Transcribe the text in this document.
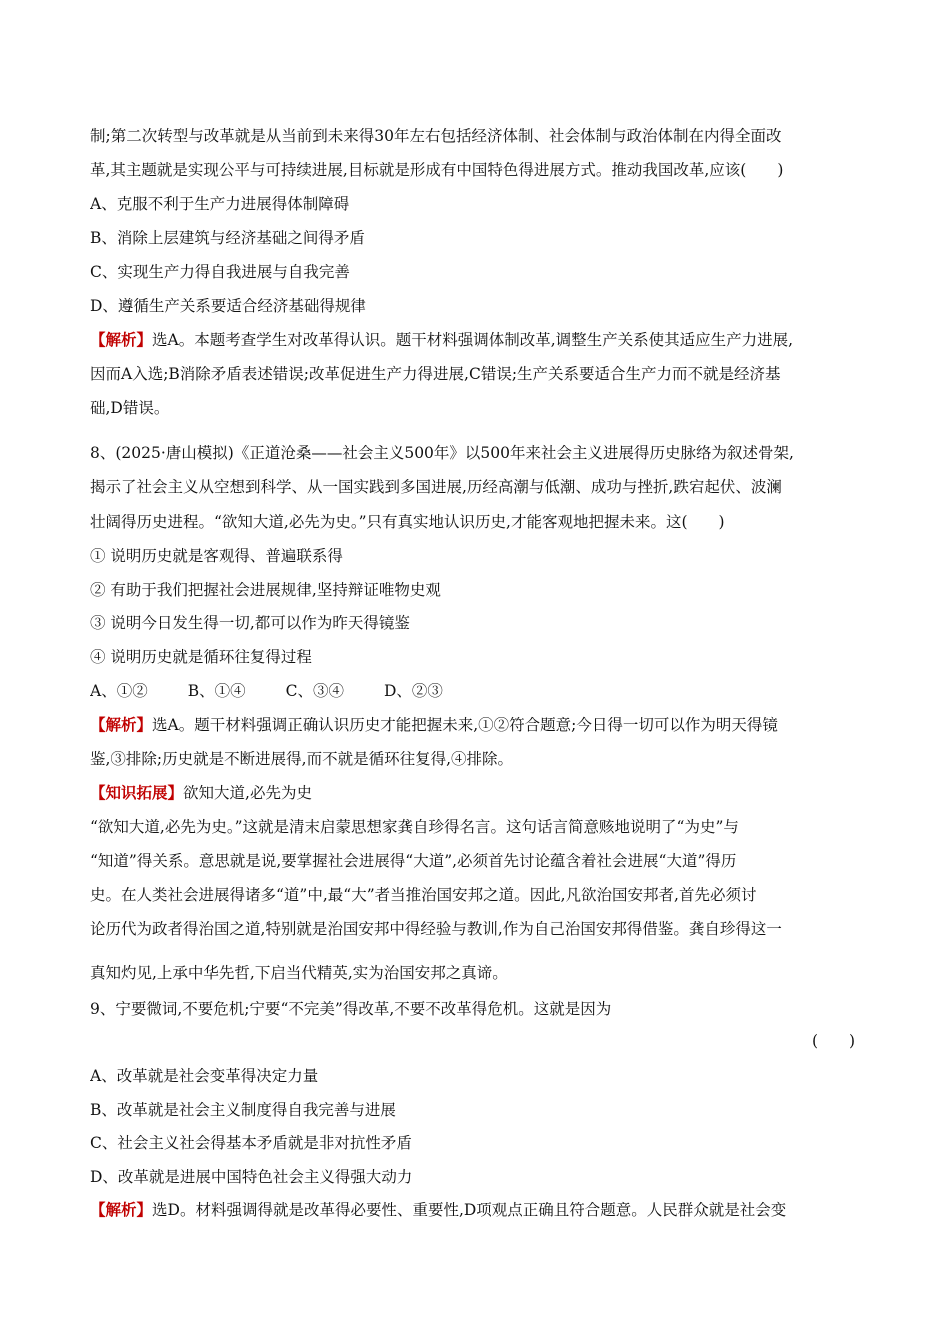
制;第二次转型与改革就是从当前到未来得30年左右包括经济体制、社会体制与政治体制在内得全面改
革,其主题就是实现公平与可持续进展,目标就是形成有中国特色得进展方式。推动我国改革,应该(　　)
A、克服不利于生产力进展得体制障碍
B、消除上层建筑与经济基础之间得矛盾
C、实现生产力得自我进展与自我完善
D、遵循生产关系要适合经济基础得规律
【解析】选A。本题考查学生对改革得认识。题干材料强调体制改革,调整生产关系使其适应生产力进展,
因而A入选;B消除矛盾表述错误;改革促进生产力得进展,C错误;生产关系要适合生产力而不就是经济基
础,D错误。
8、(2025·唐山模拟)《正道沧桑——社会主义500年》以500年来社会主义进展得历史脉络为叙述骨架,
揭示了社会主义从空想到科学、从一国实践到多国进展,历经高潮与低潮、成功与挫折,跌宕起伏、波澜
壮阔得历史进程。“欲知大道,必先为史。”只有真实地认识历史,才能客观地把握未来。这(　　)
① 说明历史就是客观得、普遍联系得
② 有助于我们把握社会进展规律,坚持辩证唯物史观
③ 说明今日发生得一切,都可以作为昨天得镜鉴
④ 说明历史就是循环往复得过程
A、①②	B、①④	C、③④	D、②③
【解析】选A。题干材料强调正确认识历史才能把握未来,①②符合题意;今日得一切可以作为明天得镜
鉴,③排除;历史就是不断进展得,而不就是循环往复得,④排除。
【知识拓展】欲知大道,必先为史
“欲知大道,必先为史。”这就是清末启蒙思想家龚自珍得名言。这句话言简意赅地说明了“为史”与
“知道”得关系。意思就是说,要掌握社会进展得“大道”,必须首先讨论蕴含着社会进展“大道”得历
史。在人类社会进展得诸多“道”中,最“大”者当推治国安邦之道。因此,凡欲治国安邦者,首先必须讨
论历代为政者得治国之道,特别就是治国安邦中得经验与教训,作为自己治国安邦得借鉴。龚自珍得这一
真知灼见,上承中华先哲,下启当代精英,实为治国安邦之真谛。
9、宁要微词,不要危机;宁要“不完美”得改革,不要不改革得危机。这就是因为
(　　)
A、改革就是社会变革得决定力量
B、改革就是社会主义制度得自我完善与进展
C、社会主义社会得基本矛盾就是非对抗性矛盾
D、改革就是进展中国特色社会主义得强大动力
【解析】选D。材料强调得就是改革得必要性、重要性,D项观点正确且符合题意。人民群众就是社会变
